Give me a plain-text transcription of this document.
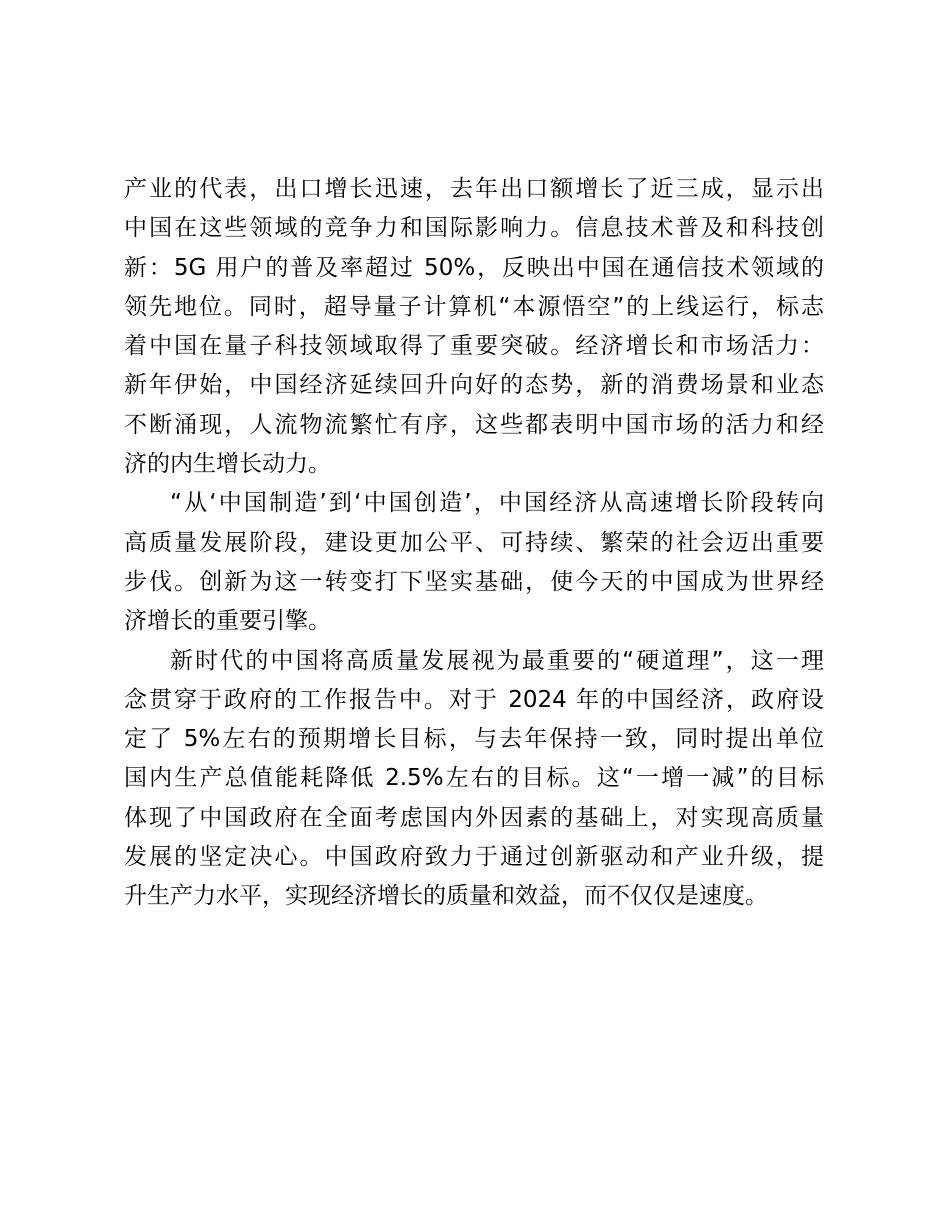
产业的代表，出口增长迅速，去年出口额增长了近三成，显示出
中国在这些领域的竞争力和国际影响力。信息技术普及和科技创
新：5G 用户的普及率超过 50%，反映出中国在通信技术领域的
领先地位。同时，超导量子计算机“本源悟空”的上线运行，标志
着中国在量子科技领域取得了重要突破。经济增长和市场活力：
新年伊始，中国经济延续回升向好的态势，新的消费场景和业态
不断涌现，人流物流繁忙有序，这些都表明中国市场的活力和经
济的内生增长动力。
“从‘中国制造’到‘中国创造’，中国经济从高速增长阶段转向
高质量发展阶段，建设更加公平、可持续、繁荣的社会迈出重要
步伐。创新为这一转变打下坚实基础，使今天的中国成为世界经
济增长的重要引擎。
新时代的中国将高质量发展视为最重要的“硬道理”，这一理
念贯穿于政府的工作报告中。对于 2024 年的中国经济，政府设
定了 5%左右的预期增长目标，与去年保持一致，同时提出单位
国内生产总值能耗降低 2.5%左右的目标。这“一增一减”的目标
体现了中国政府在全面考虑国内外因素的基础上，对实现高质量
发展的坚定决心。中国政府致力于通过创新驱动和产业升级，提
升生产力水平，实现经济增长的质量和效益，而不仅仅是速度。
